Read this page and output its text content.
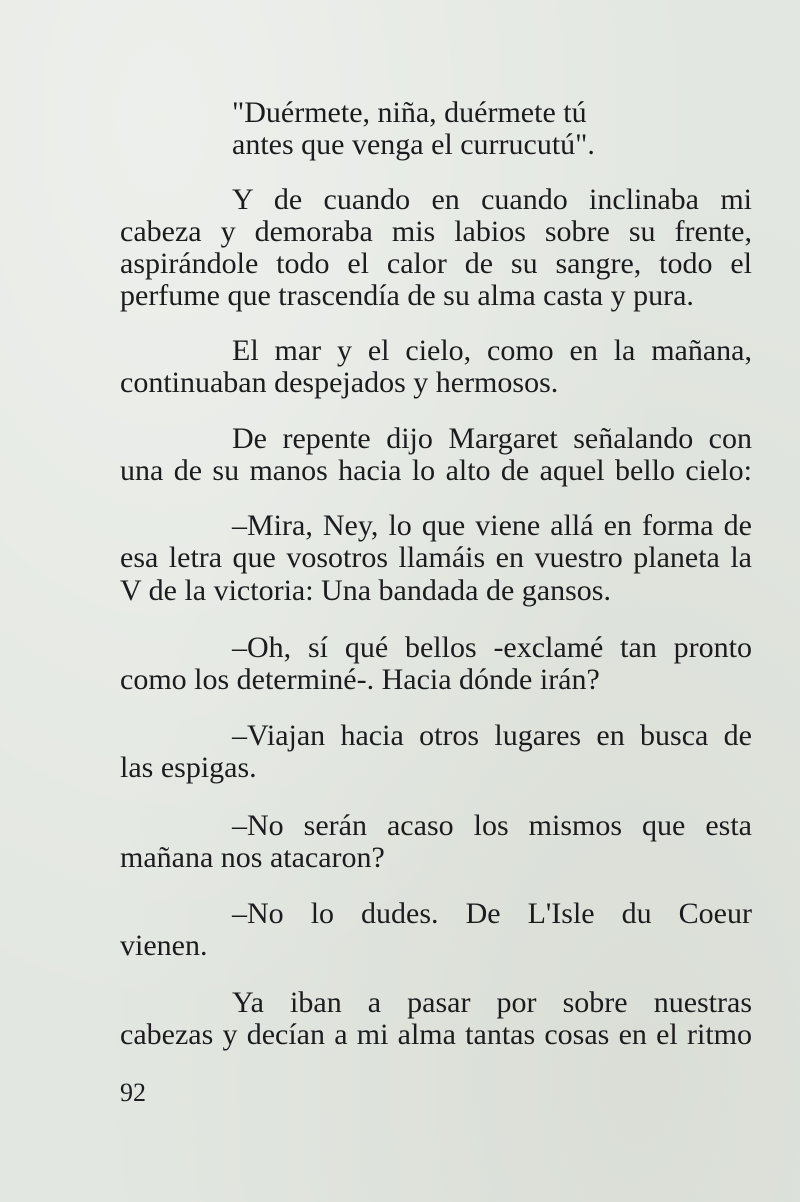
"Duérmete, niña, duérmete tú

antes que venga el currucutú".

Y de cuando en cuando inclinaba mi

cabeza y demoraba mis labios sobre su frente,

aspirándole todo el calor de su sangre, todo el

perfume que trascendía de su alma casta y pura.

El mar y el cielo, como en la mañana,

continuaban despejados y hermosos.

De repente dijo Margaret señalando con

una de su manos hacia lo alto de aquel bello cielo:

–Mira, Ney, lo que viene allá en forma de

esa letra que vosotros llamáis en vuestro planeta la

V de la victoria: Una bandada de gansos.

–Oh, sí qué bellos -exclamé tan pronto

como los determiné-. Hacia dónde irán?

–Viajan hacia otros lugares en busca de

las espigas.

–No serán acaso los mismos que esta

mañana nos atacaron?

–No lo dudes. De L'Isle du Coeur

vienen.

Ya iban a pasar por sobre nuestras

cabezas y decían a mi alma tantas cosas en el ritmo

92
